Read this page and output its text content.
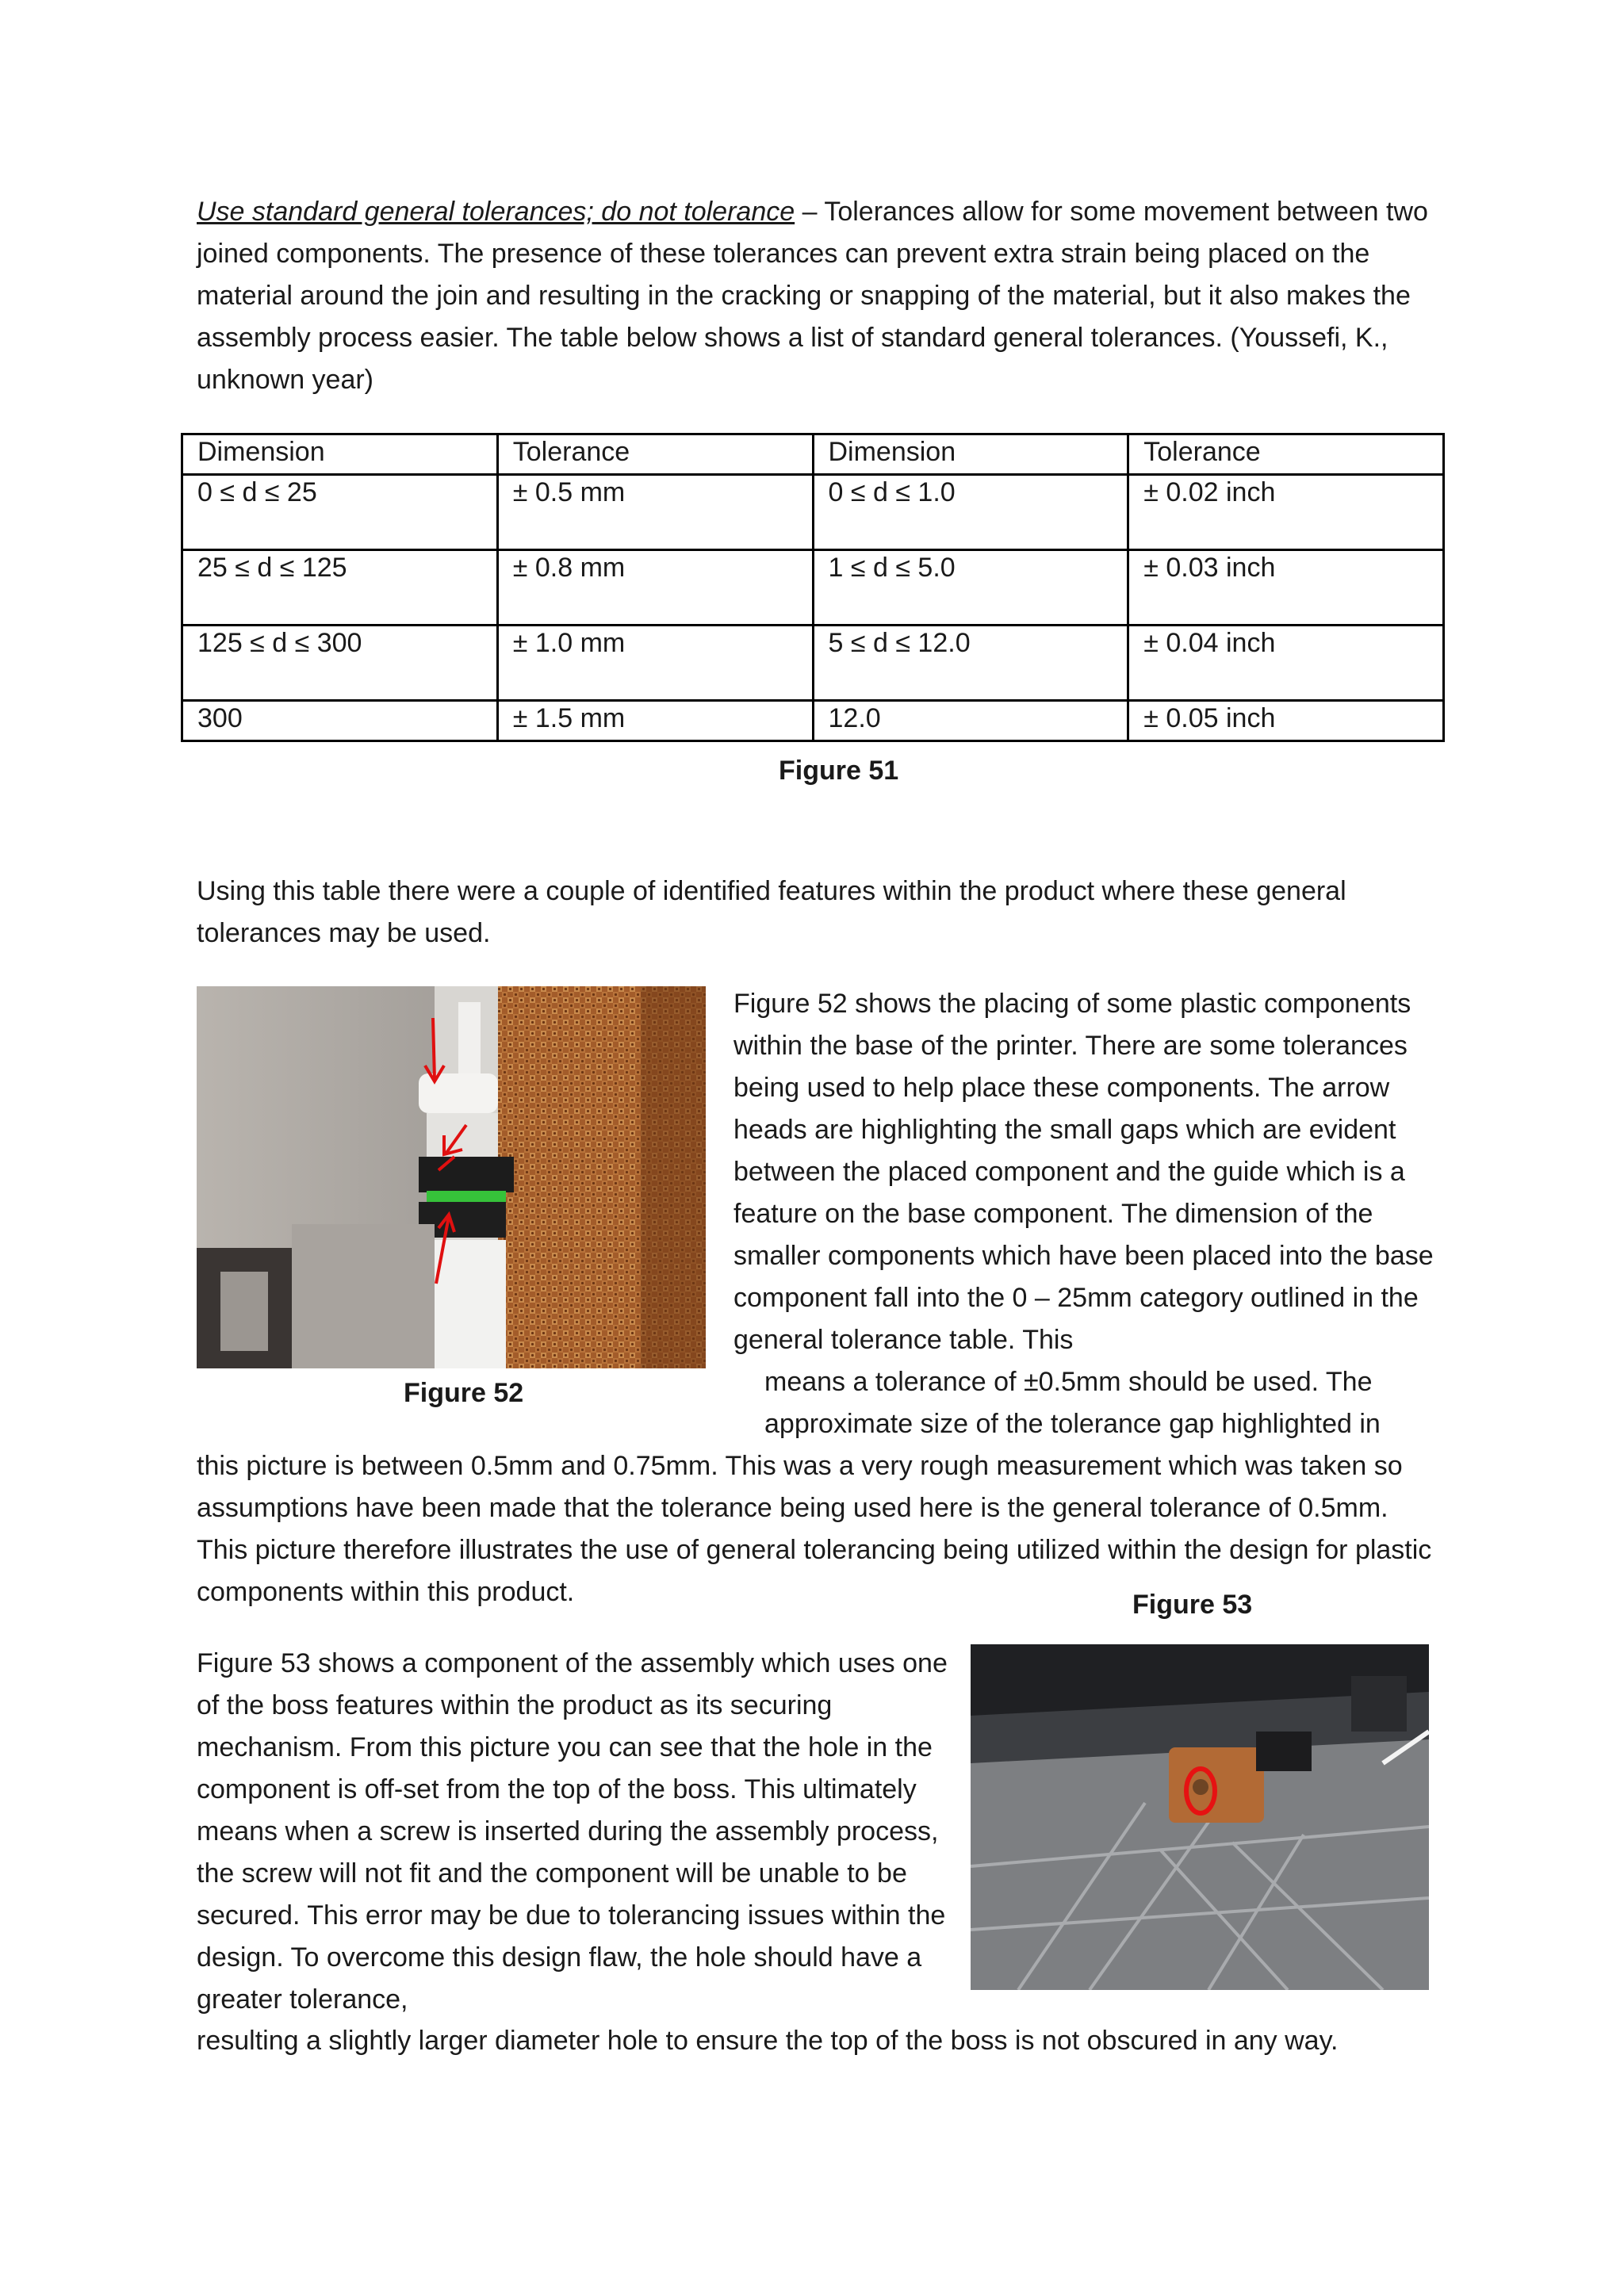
Use standard general tolerances; do not tolerance – Tolerances allow for some movement between two joined components. The presence of these tolerances can prevent extra strain being placed on the material around the join and resulting in the cracking or snapping of the material, but it also makes the assembly process easier. The table below shows a list of standard general tolerances. (Youssefi, K., unknown year)

Dimension	Tolerance	Dimension	Tolerance
0 ≤ d ≤ 25	± 0.5 mm	0 ≤ d ≤ 1.0	± 0.02 inch
25 ≤ d ≤ 125	± 0.8 mm	1 ≤ d ≤ 5.0	± 0.03 inch
125 ≤ d ≤ 300	± 1.0 mm	5 ≤ d ≤ 12.0	± 0.04 inch
300	± 1.5 mm	12.0	± 0.05 inch

Figure 51

Using this table there were a couple of identified features within the product where these general tolerances may be used.

Figure 52

Figure 52 shows the placing of some plastic components within the base of the printer. There are some tolerances being used to help place these components. The arrow heads are highlighting the small gaps which are evident between the placed component and the guide which is a feature on the base component. The dimension of the smaller components which have been placed into the base component fall into the 0 – 25mm category outlined in the general tolerance table. This

means a tolerance of ±0.5mm should be used. The

approximate size of the tolerance gap highlighted in

this picture is between 0.5mm and 0.75mm. This was a very rough measurement which was taken so assumptions have been made that the tolerance being used here is the general tolerance of 0.5mm. This picture therefore illustrates the use of general tolerancing being utilized within the design for plastic components within this product.	Figure 53

Figure 53 shows a component of the assembly which uses one of the boss features within the product as its securing mechanism. From this picture you can see that the hole in the component is off-set from the top of the boss. This ultimately means when a screw is inserted during the assembly process, the screw will not fit and the component will be unable to be secured. This error may be due to tolerancing issues within the design. To overcome this design flaw, the hole should have a greater tolerance,

resulting a slightly larger diameter hole to ensure the top of the boss is not obscured in any way.
